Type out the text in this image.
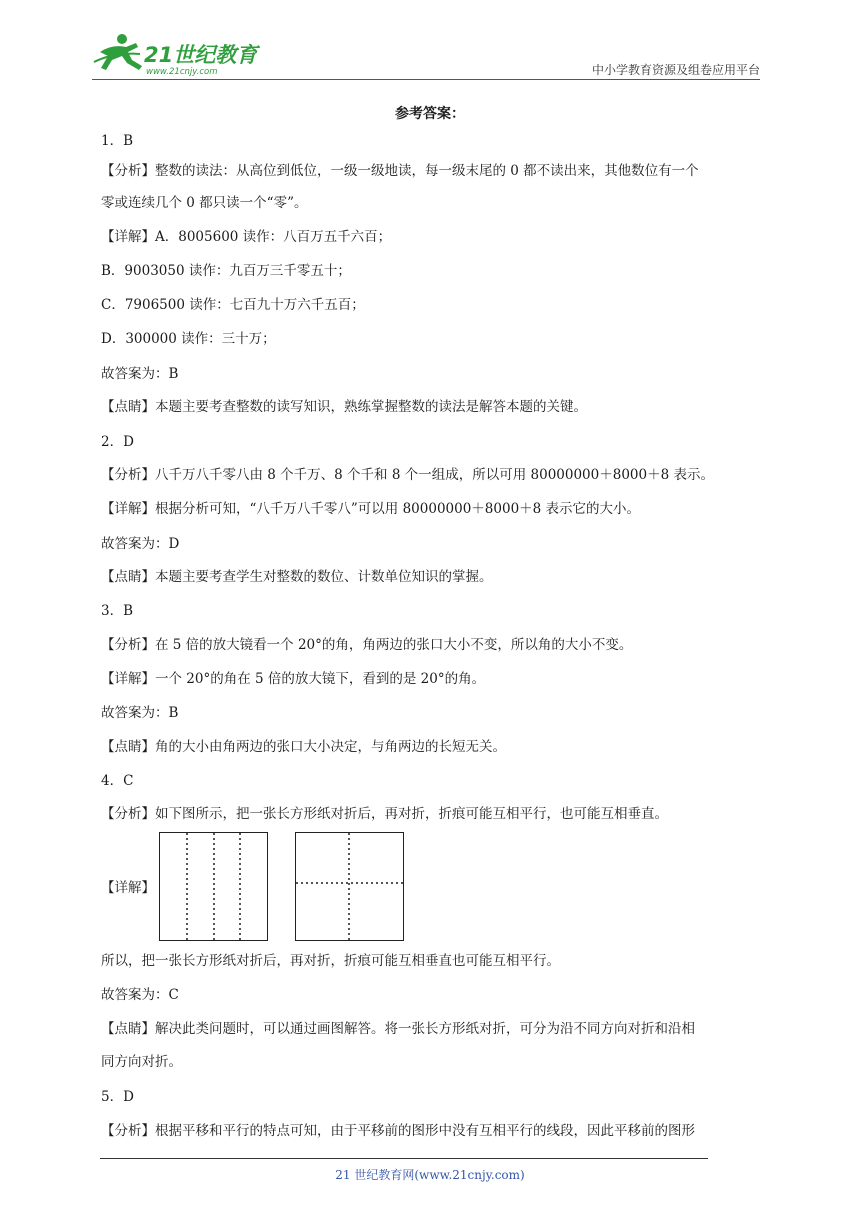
21世纪教育
www.21cnjy.com	中小学教育资源及组卷应用平台
参考答案：
1．B
【分析】整数的读法：从高位到低位，一级一级地读，每一级末尾的 0 都不读出来，其他数位有一个
零或连续几个 0 都只读一个“零”。
【详解】A．8005600 读作：八百万五千六百；
B．9003050 读作：九百万三千零五十；
C．7906500 读作：七百九十万六千五百；
D．300000 读作：三十万；
故答案为：B
【点睛】本题主要考查整数的读写知识，熟练掌握整数的读法是解答本题的关键。
2．D
【分析】八千万八千零八由 8 个千万、8 个千和 8 个一组成，所以可用 80000000＋8000＋8 表示。
【详解】根据分析可知，“八千万八千零八”可以用 80000000＋8000＋8 表示它的大小。
故答案为：D
【点睛】本题主要考查学生对整数的数位、计数单位知识的掌握。
3．B
【分析】在 5 倍的放大镜看一个 20°的角，角两边的张口大小不变，所以角的大小不变。
【详解】一个 20°的角在 5 倍的放大镜下，看到的是 20°的角。
故答案为：B
【点睛】角的大小由角两边的张口大小决定，与角两边的长短无关。
4．C
【分析】如下图所示，把一张长方形纸对折后，再对折，折痕可能互相平行，也可能互相垂直。
【详解】
所以，把一张长方形纸对折后，再对折，折痕可能互相垂直也可能互相平行。
故答案为：C
【点睛】解决此类问题时，可以通过画图解答。将一张长方形纸对折，可分为沿不同方向对折和沿相
同方向对折。
5．D
【分析】根据平移和平行的特点可知，由于平移前的图形中没有互相平行的线段，因此平移前的图形
21 世纪教育网(www.21cnjy.com)
